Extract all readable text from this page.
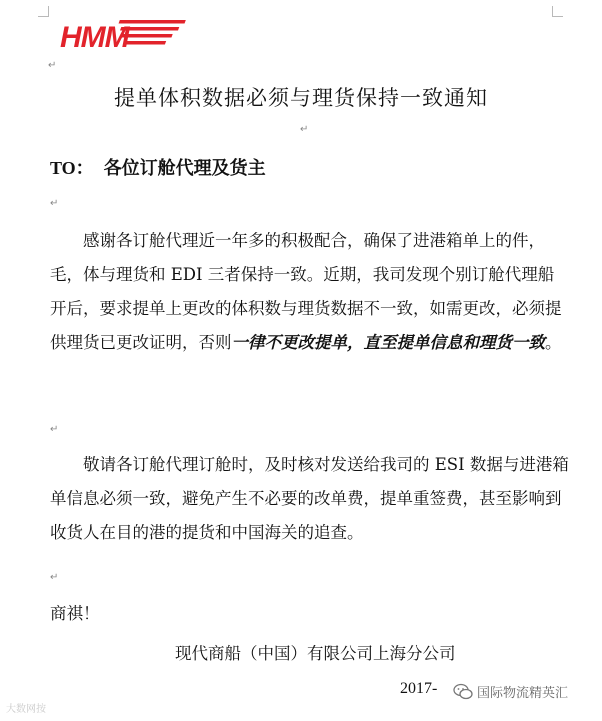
HMM
↵
提单体积数据必须与理货保持一致通知
↵
TO： 各位订舱代理及货主
↵
感谢各订舱代理近一年多的积极配合，确保了进港箱单上的件，毛，体与理货和 EDI 三者保持一致。近期，我司发现个别订舱代理船开后，要求提单上更改的体积数与理货数据不一致，如需更改，必须提供理货已更改证明，否则一律不更改提单，直至提单信息和理货一致。
↵
敬请各订舱代理订舱时，及时核对发送给我司的 ESI 数据与进港箱单信息必须一致，避免产生不必要的改单费，提单重签费，甚至影响到收货人在目的港的提货和中国海关的追查。
↵
商祺！
现代商船（中国）有限公司上海分公司
2017-
大数网按
国际物流精英汇
